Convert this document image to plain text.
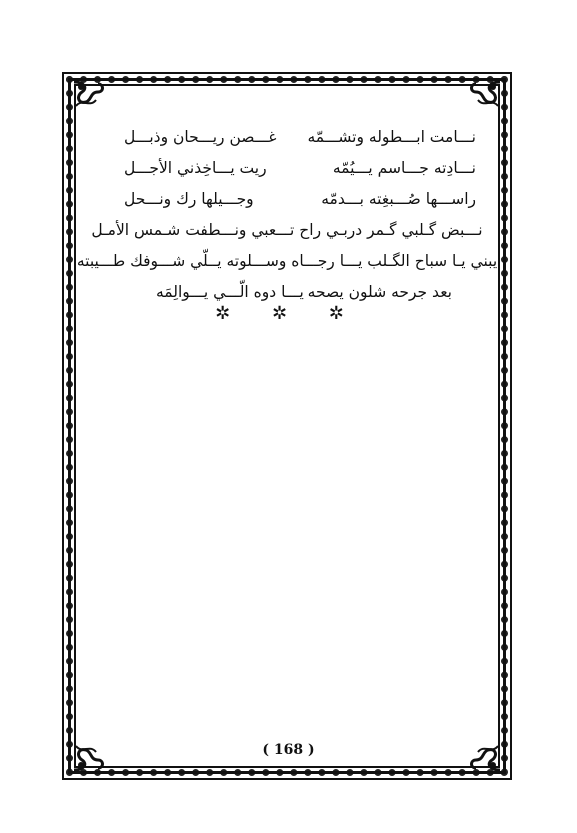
نـــامت ابـــطوله وتشـــمّه
غـــصن ريـــحان وذبـــل
نـــادِته جـــاسم يـــيُمّه
ريت يـــاخِذني الأجـــل
راســـها صُـــبغِته بـــدمّه
وجـــيلها رك ونـــحل
نـــبض گـلبي گـمر دربـي راح تـــعبي ونـــطفت شـمس الأمـل
يبني يـا سباح الگـلب يـــا رجـــاه وســـلوته يــلّي شـــوفك طـــيبته
بعد جرحه شلون يصحه
يـــا دوه الّـــي يـــوالِمَه
✲ ✲ ✲
( 168 )
